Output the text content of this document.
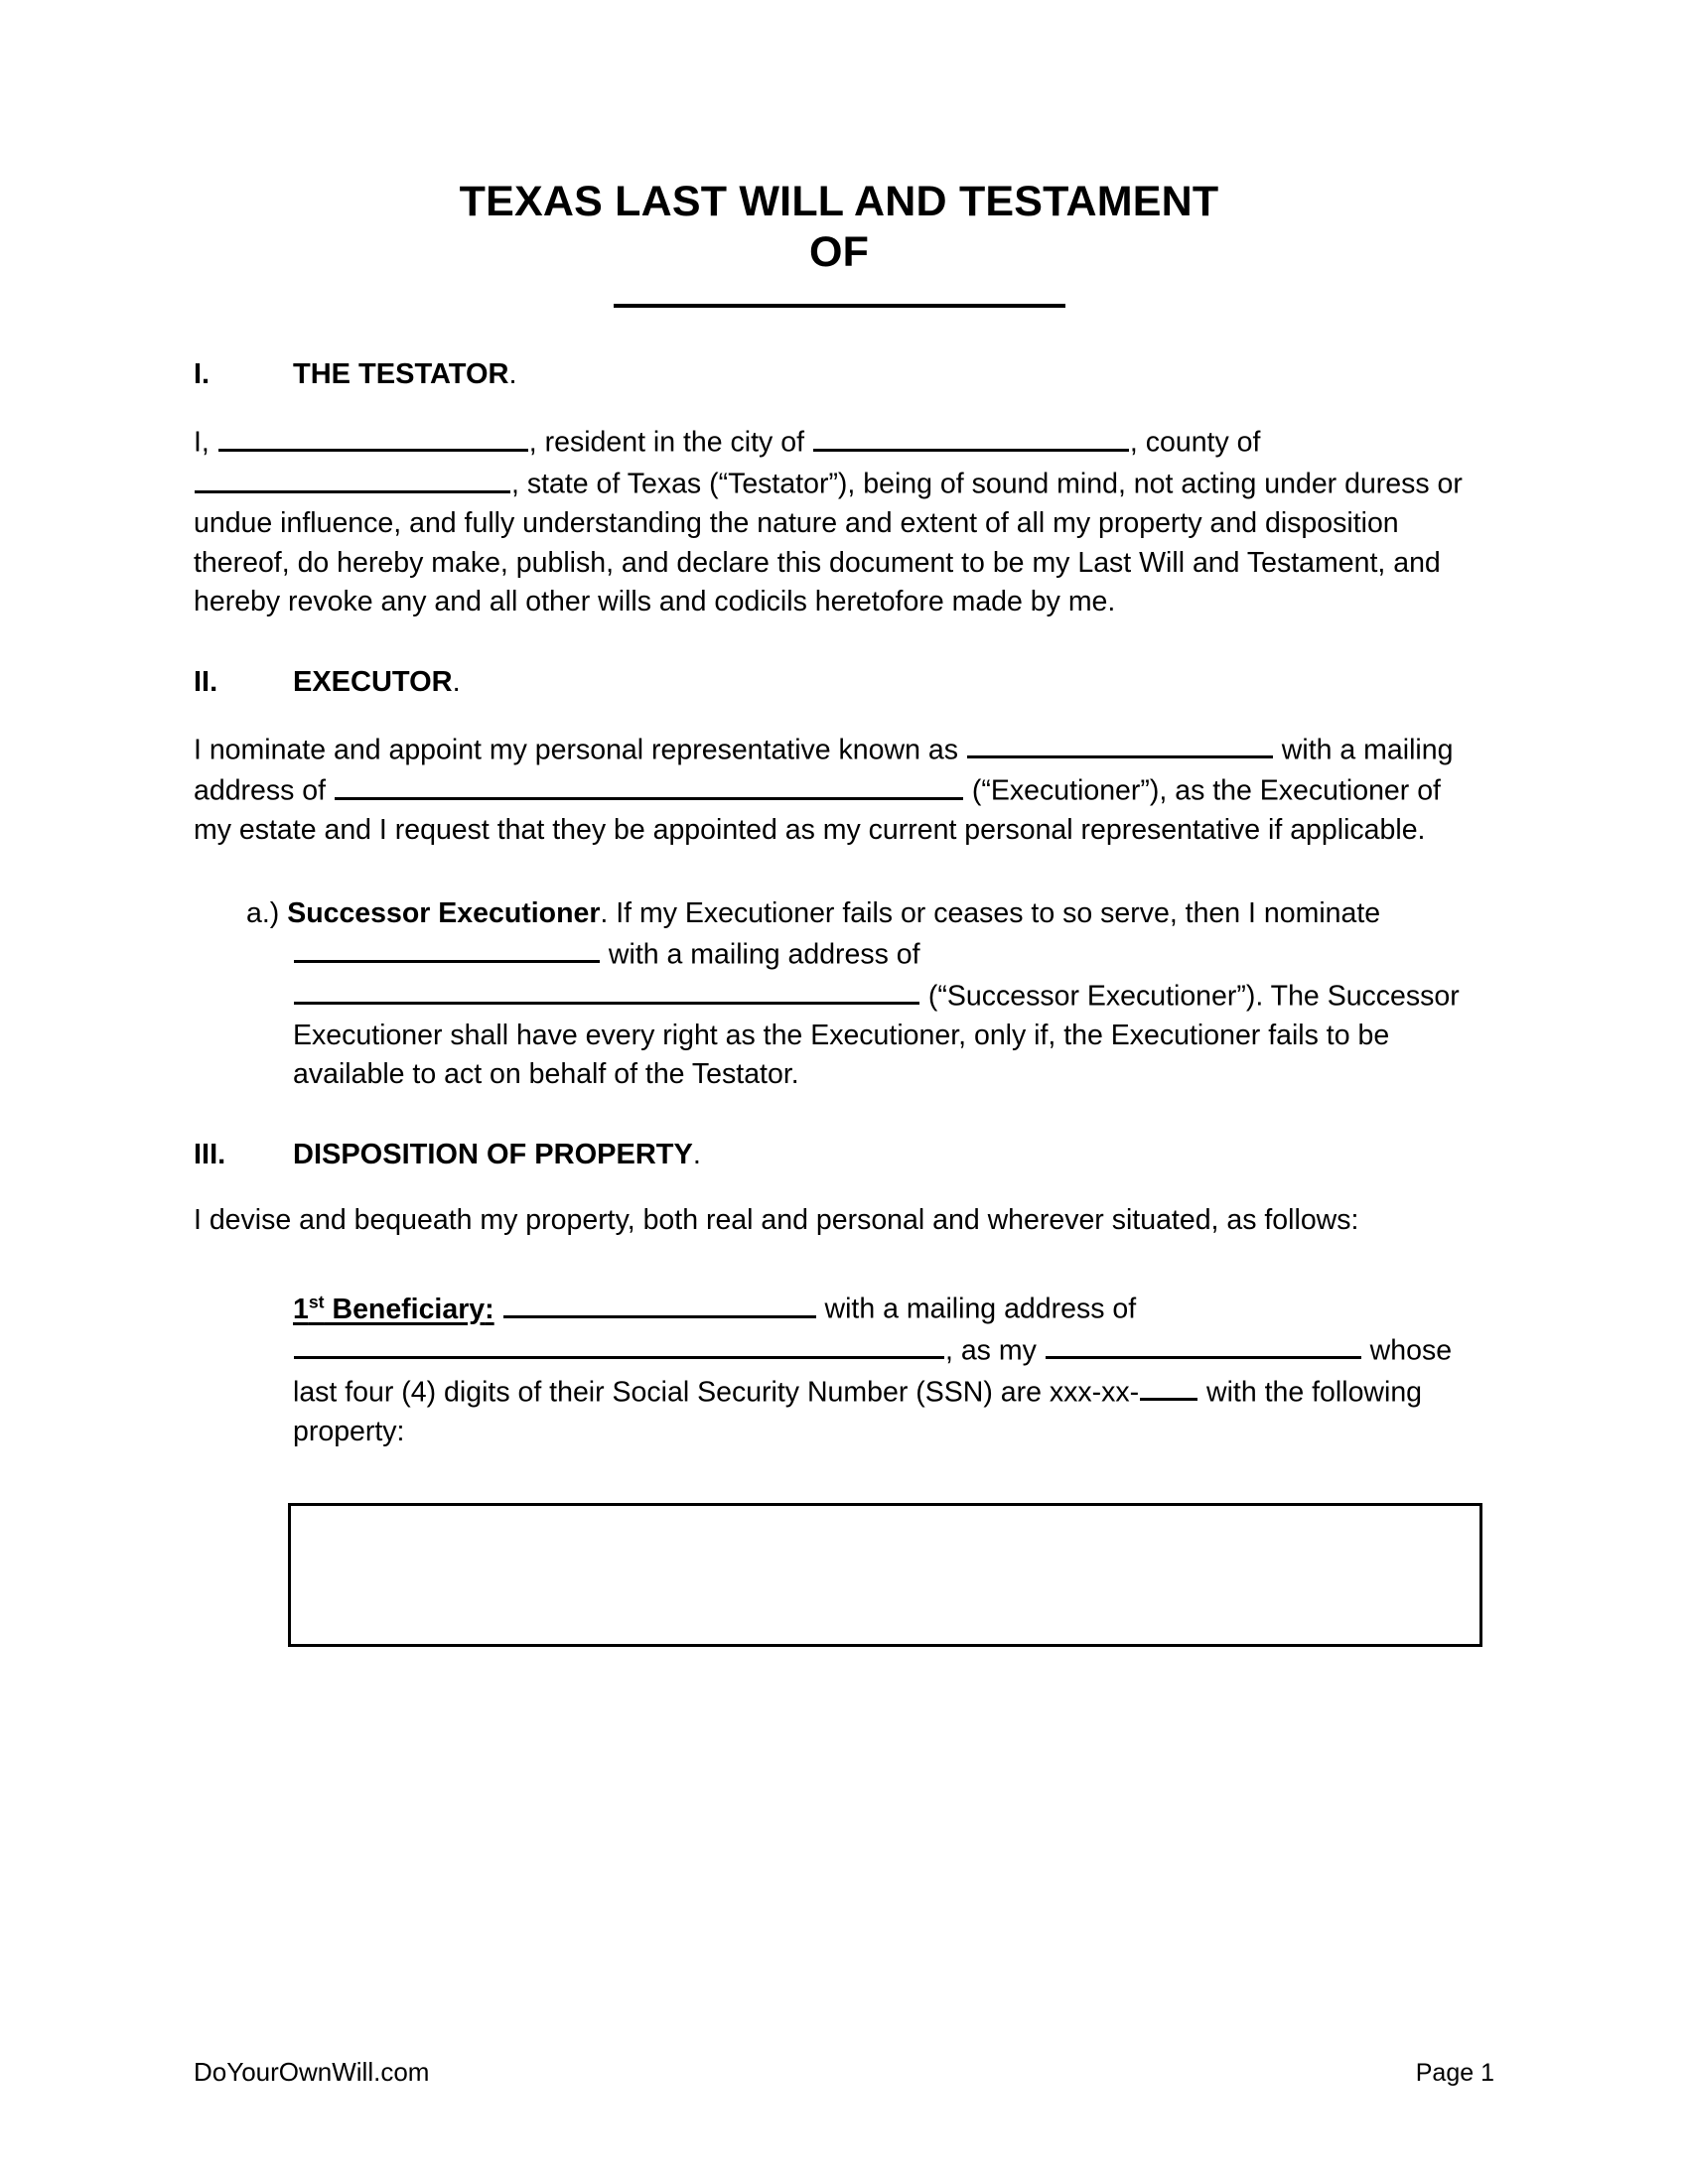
TEXAS LAST WILL AND TESTAMENT
OF
I.	THE TESTATOR.

I,	, resident in the city of	, county of , state of Texas (“Testator”), being of sound mind, not acting under duress or undue influence, and fully understanding the nature and extent of all my property and disposition thereof, do hereby make, publish, and declare this document to be my Last Will and Testament, and hereby revoke any and all other wills and codicils heretofore made by me.

II.	EXECUTOR.

I nominate and appoint my personal representative known as	with a mailing address of	(“Executioner”), as the Executioner of my estate and I request that they be appointed as my current personal representative if applicable.

a.) Successor Executioner. If my Executioner fails or ceases to so serve, then I nominate  with a mailing address of  (“Successor Executioner”). The Successor Executioner shall have every right as the Executioner, only if, the Executioner fails to be available to act on behalf of the Testator.
III.	DISPOSITION OF PROPERTY.

I devise and bequeath my property, both real and personal and wherever situated, as follows:

1st Beneficiary:	with a mailing address of , as my	whose last four (4) digits of their Social Security Number (SSN) are xxx-xx- with the following property:
DoYourOwnWill.com	Page 1
